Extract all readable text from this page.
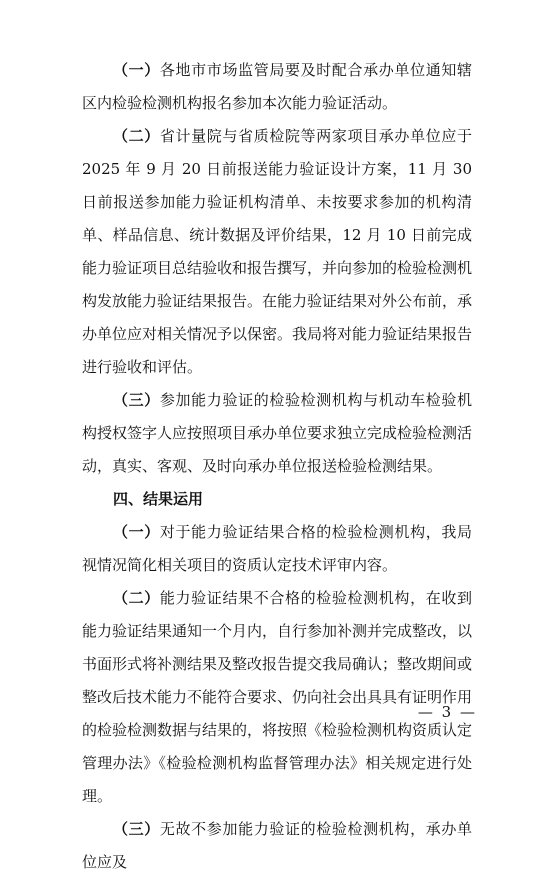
（一）各地市市场监管局要及时配合承办单位通知辖区内检验检测机构报名参加本次能力验证活动。

（二）省计量院与省质检院等两家项目承办单位应于 2025 年 9 月 20 日前报送能力验证设计方案，11 月 30 日前报送参加能力验证机构清单、未按要求参加的机构清单、样品信息、统计数据及评价结果，12 月 10 日前完成能力验证项目总结验收和报告撰写，并向参加的检验检测机构发放能力验证结果报告。在能力验证结果对外公布前，承办单位应对相关情况予以保密。我局将对能力验证结果报告进行验收和评估。

（三）参加能力验证的检验检测机构与机动车检验机构授权签字人应按照项目承办单位要求独立完成检验检测活动，真实、客观、及时向承办单位报送检验检测结果。

四、结果运用

（一）对于能力验证结果合格的检验检测机构，我局视情况简化相关项目的资质认定技术评审内容。

（二）能力验证结果不合格的检验检测机构，在收到能力验证结果通知一个月内，自行参加补测并完成整改，以书面形式将补测结果及整改报告提交我局确认；整改期间或整改后技术能力不能符合要求、仍向社会出具具有证明作用的检验检测数据与结果的，将按照《检验检测机构资质认定管理办法》《检验检测机构监督管理办法》相关规定进行处理。

（三）无故不参加能力验证的检验检测机构，承办单位应及

— 3 —
